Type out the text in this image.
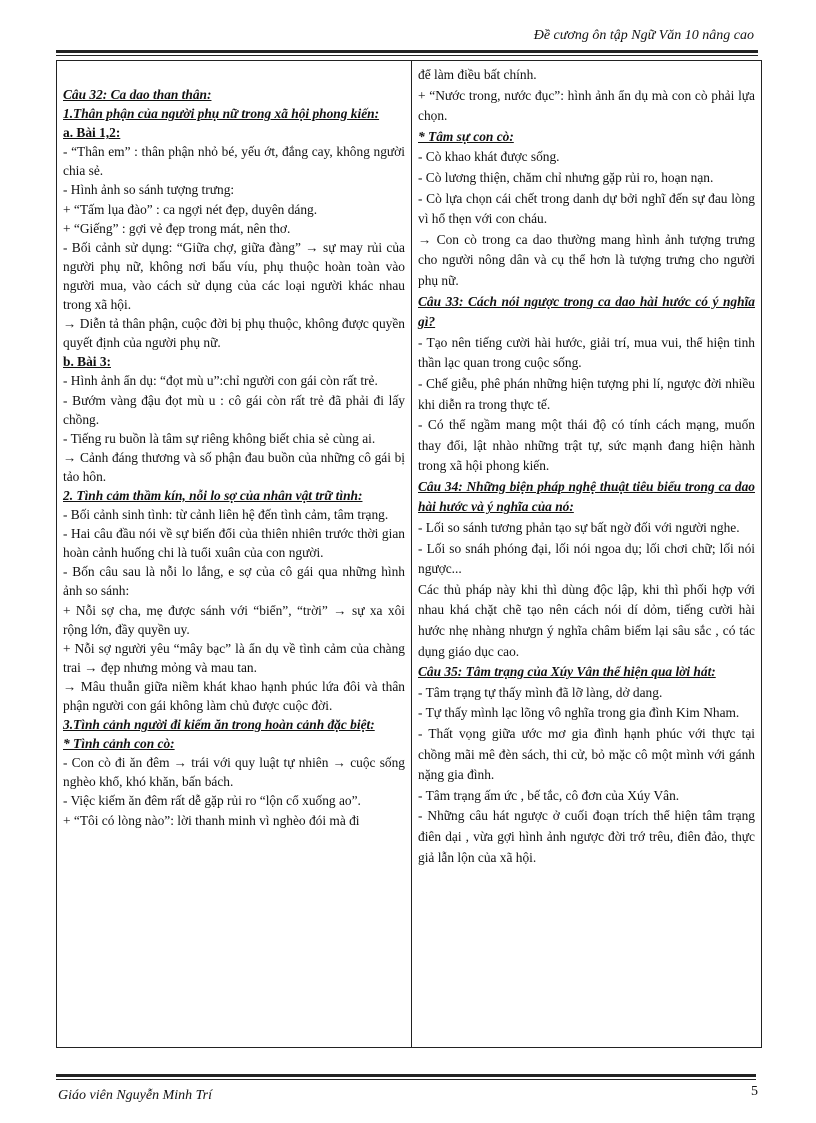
Đề cương ôn tập Ngữ Văn 10 nâng cao

Câu 32: Ca dao than thân:

1.Thân phận của người phụ nữ trong xã hội phong kiến:

a. Bài 1,2:

- “Thân em” : thân phận nhỏ bé, yếu ớt, đắng cay, không người chia sẻ.

- Hình ảnh so sánh tượng trưng:

+ “Tấm lụa đào” : ca ngợi nét đẹp, duyên dáng.

+ “Giếng” : gợi vẻ đẹp trong mát, nên thơ.

- Bối cảnh sử dụng: “Giữa chợ, giữa đàng” → sự may rủi của người phụ nữ, không nơi bấu víu, phụ thuộc hoàn toàn vào người mua, vào cách sử dụng của các loại người khác nhau trong xã hội.

→ Diễn tả thân phận, cuộc đời bị phụ thuộc, không được quyền quyết định của người phụ nữ.

b. Bài 3:

- Hình ảnh ẩn dụ: “đọt mù u”:chỉ người con gái còn rất trẻ.

- Bướm vàng đậu đọt mù u : cô gái còn rất trẻ đã phải đi lấy chồng.

- Tiếng ru buồn là tâm sự riêng không biết chia sẻ cùng ai.

→ Cảnh đáng thương và số phận đau buồn của những cô gái bị tảo hôn.

2. Tình cảm thầm kín, nỗi lo sợ của nhân vật trữ tình:

- Bối cảnh sinh tình: từ cảnh liên hệ đến tình cảm, tâm trạng.

- Hai câu đầu nói về sự biến đổi của thiên nhiên trước thời gian hoàn cảnh huống chi là tuổi xuân của con người.

- Bốn câu sau là nỗi lo lắng, e sợ của cô gái qua những hình ảnh so sánh:

+ Nỗi sợ cha, mẹ được sánh với “biển”, “trời” → sự xa xôi rộng lớn, đầy quyền uy.

+ Nỗi sợ người yêu “mây bạc” là ẩn dụ về tình cảm của chàng trai → đẹp nhưng mỏng và mau tan.

→ Mâu thuẫn giữa niềm khát khao hạnh phúc lứa đôi và thân phận người con gái không làm chủ được cuộc đời.

3.Tình cảnh người đi kiếm ăn trong hoàn cảnh đặc biệt:

* Tình cảnh con cò:

- Con cò đi ăn đêm → trái với quy luật tự nhiên → cuộc sống nghèo khổ, khó khăn, bấn bách.

- Việc kiếm ăn đêm rất dễ gặp rủi ro “lộn cổ xuống ao”.

+ “Tôi có lòng nào”: lời thanh minh vì nghèo đói mà đi

để làm điều bất chính.

+ “Nước trong, nước đục”: hình ảnh ẩn dụ mà con cò phải lựa chọn.

* Tâm sự con cò:

- Cò khao khát được sống.

- Cò lương thiện, chăm chỉ nhưng gặp rủi ro, hoạn nạn.

- Cò lựa chọn cái chết trong danh dự bởi nghĩ đến sự đau lòng vì hổ thẹn với con cháu.

→ Con cò trong ca dao thường mang hình ảnh tượng trưng cho người nông dân và cụ thể hơn là tượng trưng cho người phụ nữ.

Câu 33: Cách nói ngược trong ca dao hài hước có ý nghĩa gì?

- Tạo nên tiếng cười hài hước, giải trí, mua vui, thể hiện tinh thần lạc quan trong cuộc sống.

- Chế giễu, phê phán những hiện tượng phi lí, ngược đời nhiều khi diễn ra trong thực tế.

- Có thể ngầm mang một thái độ có tính cách mạng, muốn thay đổi, lật nhào những trật tự, sức mạnh đang hiện hành trong xã hội phong kiến.

Câu 34: Những biện pháp nghệ thuật tiêu biểu trong ca dao hài hước và ý nghĩa của nó:

- Lối so sánh tương phản tạo sự bất ngờ đối với người nghe.

- Lối so snáh phóng đại, lối nói ngoa dụ; lối chơi chữ; lối nói ngược...

Các thủ pháp này khi thì dùng độc lập, khi thì phối hợp với nhau khá chặt chẽ tạo nên cách nói dí dỏm, tiếng cười hài hước nhẹ nhàng nhưgn ý nghĩa châm biếm lại sâu sắc , có tác dụng giáo dục cao.

Câu 35: Tâm trạng của Xúy Vân thể hiện qua lời hát:

- Tâm trạng tự thấy mình đã lỡ làng, dở dang.

- Tự thấy mình lạc lõng vô nghĩa trong gia đình Kim Nham.

- Thất vọng giữa ước mơ gia đình hạnh phúc với thực tại chồng mãi mê đèn sách, thi cử, bỏ mặc cô một mình với gánh nặng gia đình.

- Tâm trạng ấm ức , bế tắc, cô đơn của Xúy Vân.

- Những câu hát ngược ở cuối đoạn trích thể hiện tâm trạng điên dại , vừa gợi hình ảnh ngược đời trớ trêu, điên đảo, thực giả lẫn lộn của xã hội.

Giáo viên Nguyễn Minh Trí	5
